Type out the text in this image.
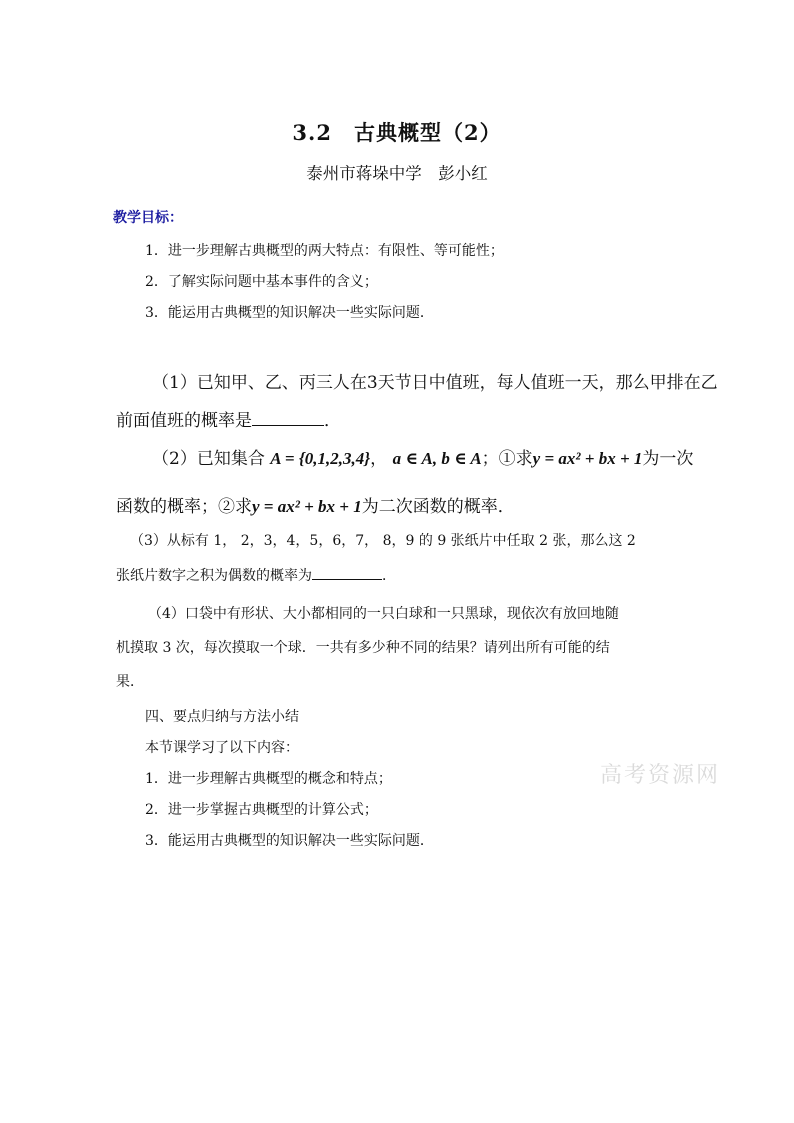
3.2　古典概型（2）
泰州市蒋垛中学　彭小红
教学目标：
1．进一步理解古典概型的两大特点：有限性、等可能性；
2．了解实际问题中基本事件的含义；
3．能运用古典概型的知识解决一些实际问题．
（1）已知甲、乙、丙三人在3天节日中值班，每人值班一天，那么甲排在乙
前面值班的概率是	．
（2）已知集合 A = {0,1,2,3,4}， a ∈ A, b ∈ A；①求y = ax² + bx + 1为一次
函数的概率；②求y = ax² + bx + 1为二次函数的概率．
（3）从标有 1， 2，3，4，5，6，7， 8，9 的 9 张纸片中任取 2 张，那么这 2
张纸片数字之积为偶数的概率为	．
（4）口袋中有形状、大小都相同的一只白球和一只黑球，现依次有放回地随
机摸取 3 次，每次摸取一个球．一共有多少种不同的结果？请列出所有可能的结
果．
四、要点归纳与方法小结
本节课学习了以下内容：
1．进一步理解古典概型的概念和特点；
2．进一步掌握古典概型的计算公式；
3．能运用古典概型的知识解决一些实际问题．
高考资源网
